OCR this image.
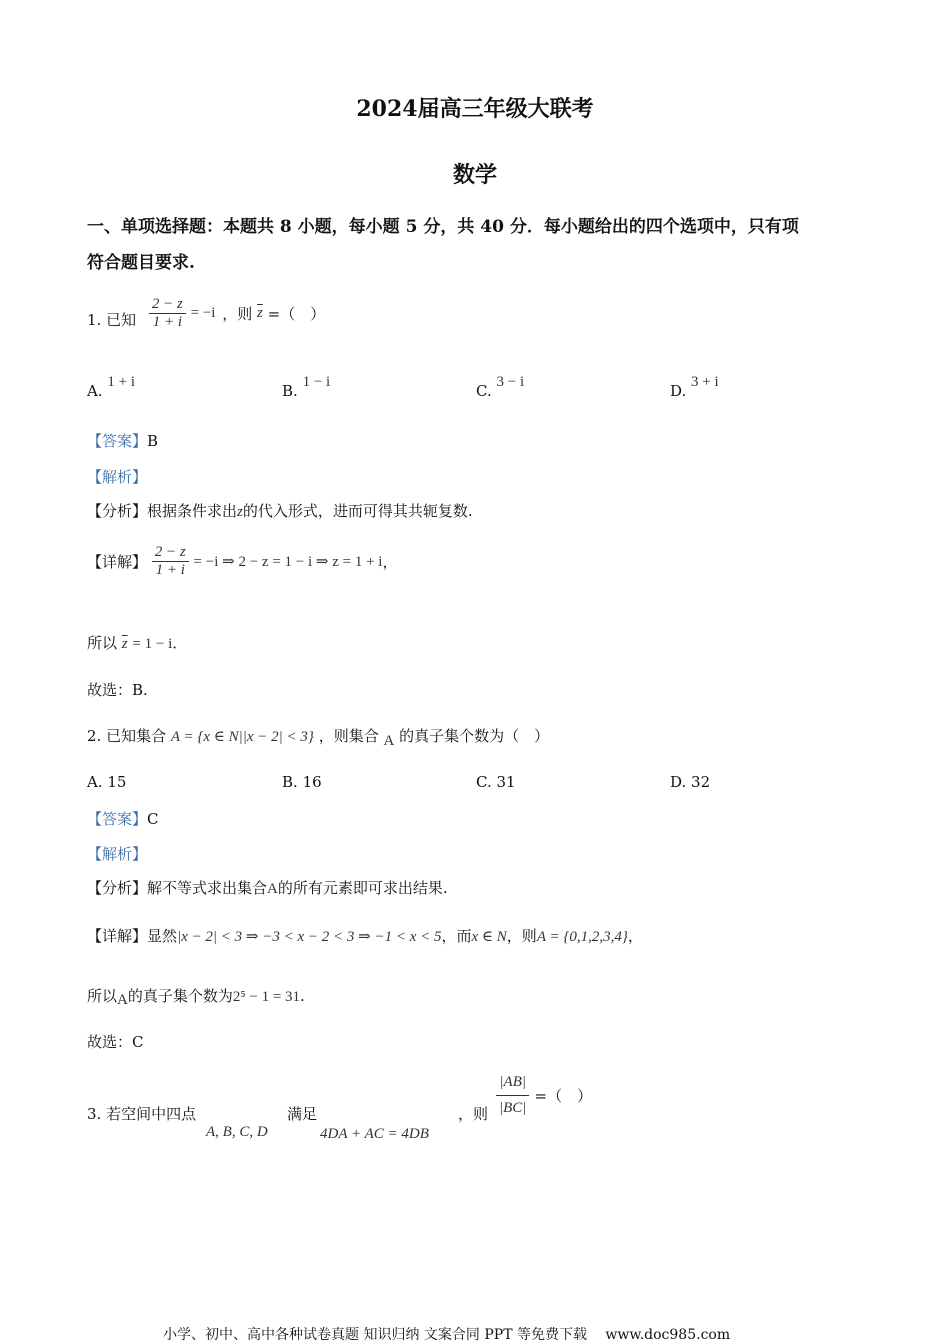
2024届高三年级大联考
数学
一、单项选择题：本题共 8 小题，每小题 5 分，共 40 分．每小题给出的四个选项中，只有项
符合题目要求.
1. 已知 $\frac{2 - z}{1 + i} = -i$ ，则 $\overline{z}$ =（　）
A. 1 + i	B. 1 − i	C. 3 − i	D. 3 + i
【答案】B
【解析】
【分析】根据条件求出z的代入形式，进而可得其共轭复数.
【详解】 $\frac{2 - z}{1 + i} = -i$ ⇒ 2 − z = 1 − i ⇒ z = 1 + i，
所以 $\overline{z} = 1 - i$．
故选：B.
2. 已知集合 A = {x ∈ N||x − 2| < 3} ，则集合 A 的真子集个数为（　）
A. 15	B. 16	C. 31	D. 32
【答案】C
【解析】
【分析】解不等式求出集合A的所有元素即可求出结果.
【详解】显然|x − 2| < 3 ⇒ −3 < x − 2 < 3 ⇒ −1 < x < 5，而x ∈ N，则A = {0,1,2,3,4}，
所以A的真子集个数为2⁵ − 1 = 31.
故选：C
3. 若空间中四点
A, B, C, D
满足
4DA + AC = 4DB
，则 $\frac{|AB|}{|BC|}$ =（　）
小学、初中、高中各种试卷真题 知识归纳 文案合同 PPT 等免费下载　 www.doc985.com
